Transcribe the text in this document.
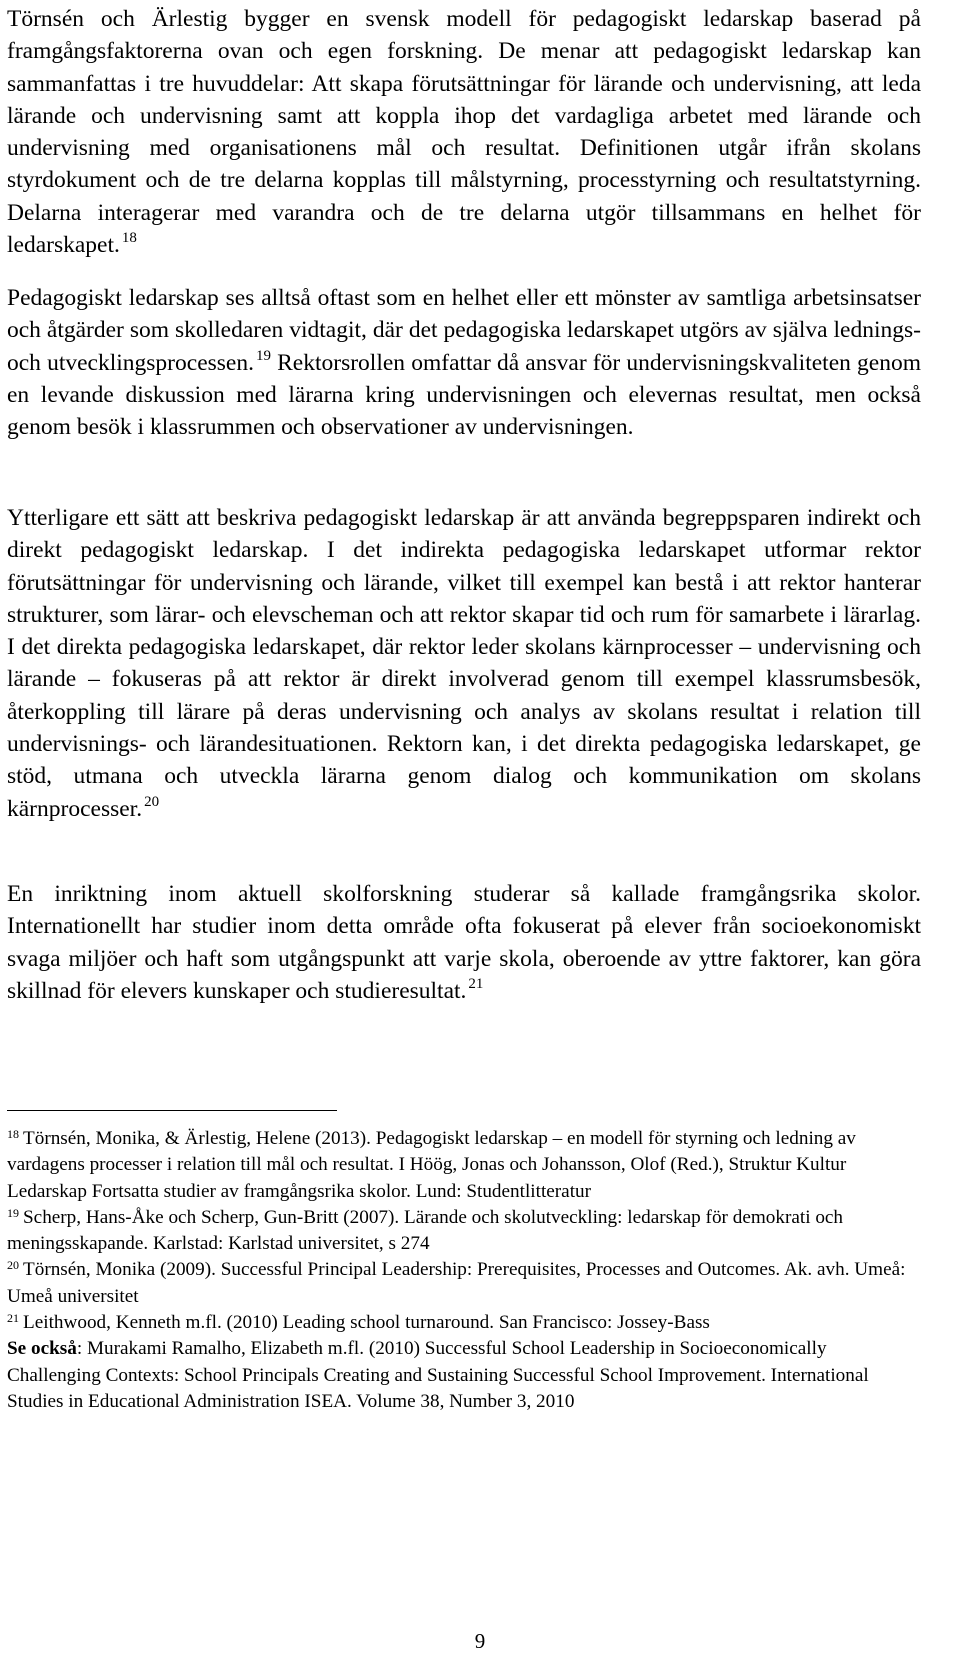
Törnsén och Ärlestig bygger en svensk modell för pedagogiskt ledarskap baserad på framgångsfaktorerna ovan och egen forskning. De menar att pedagogiskt ledarskap kan sammanfattas i tre huvuddelar: Att skapa förutsättningar för lärande och undervisning, att leda lärande och undervisning samt att koppla ihop det vardagliga arbetet med lärande och undervisning med organisationens mål och resultat. Definitionen utgår ifrån skolans styrdokument och de tre delarna kopplas till målstyrning, processtyrning och resultatstyrning. Delarna interagerar med varandra och de tre delarna utgör tillsammans en helhet för ledarskapet. $^{18}$

Pedagogiskt ledarskap ses alltså oftast som en helhet eller ett mönster av samtliga arbetsinsatser och åtgärder som skolledaren vidtagit, där det pedagogiska ledarskapet utgörs av själva lednings- och utvecklingsprocessen. $^{19}$ Rektorsrollen omfattar då ansvar för undervisningskvaliteten genom en levande diskussion med lärarna kring undervisningen och elevernas resultat, men också genom besök i klassrummen och observationer av undervisningen.

Ytterligare ett sätt att beskriva pedagogiskt ledarskap är att använda begreppsparen indirekt och direkt pedagogiskt ledarskap. I det indirekta pedagogiska ledarskapet utformar rektor förutsättningar för undervisning och lärande, vilket till exempel kan bestå i att rektor hanterar strukturer, som lärar- och elevscheman och att rektor skapar tid och rum för samarbete i lärarlag. I det direkta pedagogiska ledarskapet, där rektor leder skolans kärnprocesser – undervisning och lärande – fokuseras på att rektor är direkt involverad genom till exempel klassrumsbesök, återkoppling till lärare på deras undervisning och analys av skolans resultat i relation till undervisnings- och lärandesituationen. Rektorn kan, i det direkta pedagogiska ledarskapet, ge stöd, utmana och utveckla lärarna genom dialog och kommunikation om skolans kärnprocesser. $^{20}$

En inriktning inom aktuell skolforskning studerar så kallade framgångsrika skolor. Internationellt har studier inom detta område ofta fokuserat på elever från socioekonomiskt svaga miljöer och haft som utgångspunkt att varje skola, oberoende av yttre faktorer, kan göra skillnad för elevers kunskaper och studieresultat. $^{21}$

$^{18}$ Törnsén, Monika, & Ärlestig, Helene (2013). Pedagogiskt ledarskap – en modell för styrning och ledning av vardagens processer i relation till mål och resultat. I Höög, Jonas och Johansson, Olof (Red.), Struktur Kultur Ledarskap Fortsatta studier av framgångsrika skolor. Lund: Studentlitteratur

$^{19}$ Scherp, Hans-Åke och Scherp, Gun-Britt (2007). Lärande och skolutveckling: ledarskap för demokrati och meningsskapande. Karlstad: Karlstad universitet, s 274

$^{20}$ Törnsén, Monika (2009). Successful Principal Leadership: Prerequisites, Processes and Outcomes. Ak. avh. Umeå: Umeå universitet

$^{21}$ Leithwood, Kenneth m.fl. (2010) Leading school turnaround. San Francisco: Jossey-Bass
Se också: Murakami Ramalho, Elizabeth m.fl. (2010) Successful School Leadership in Socioeconomically Challenging Contexts: School Principals Creating and Sustaining Successful School Improvement. International Studies in Educational Administration ISEA. Volume 38, Number 3, 2010

9
